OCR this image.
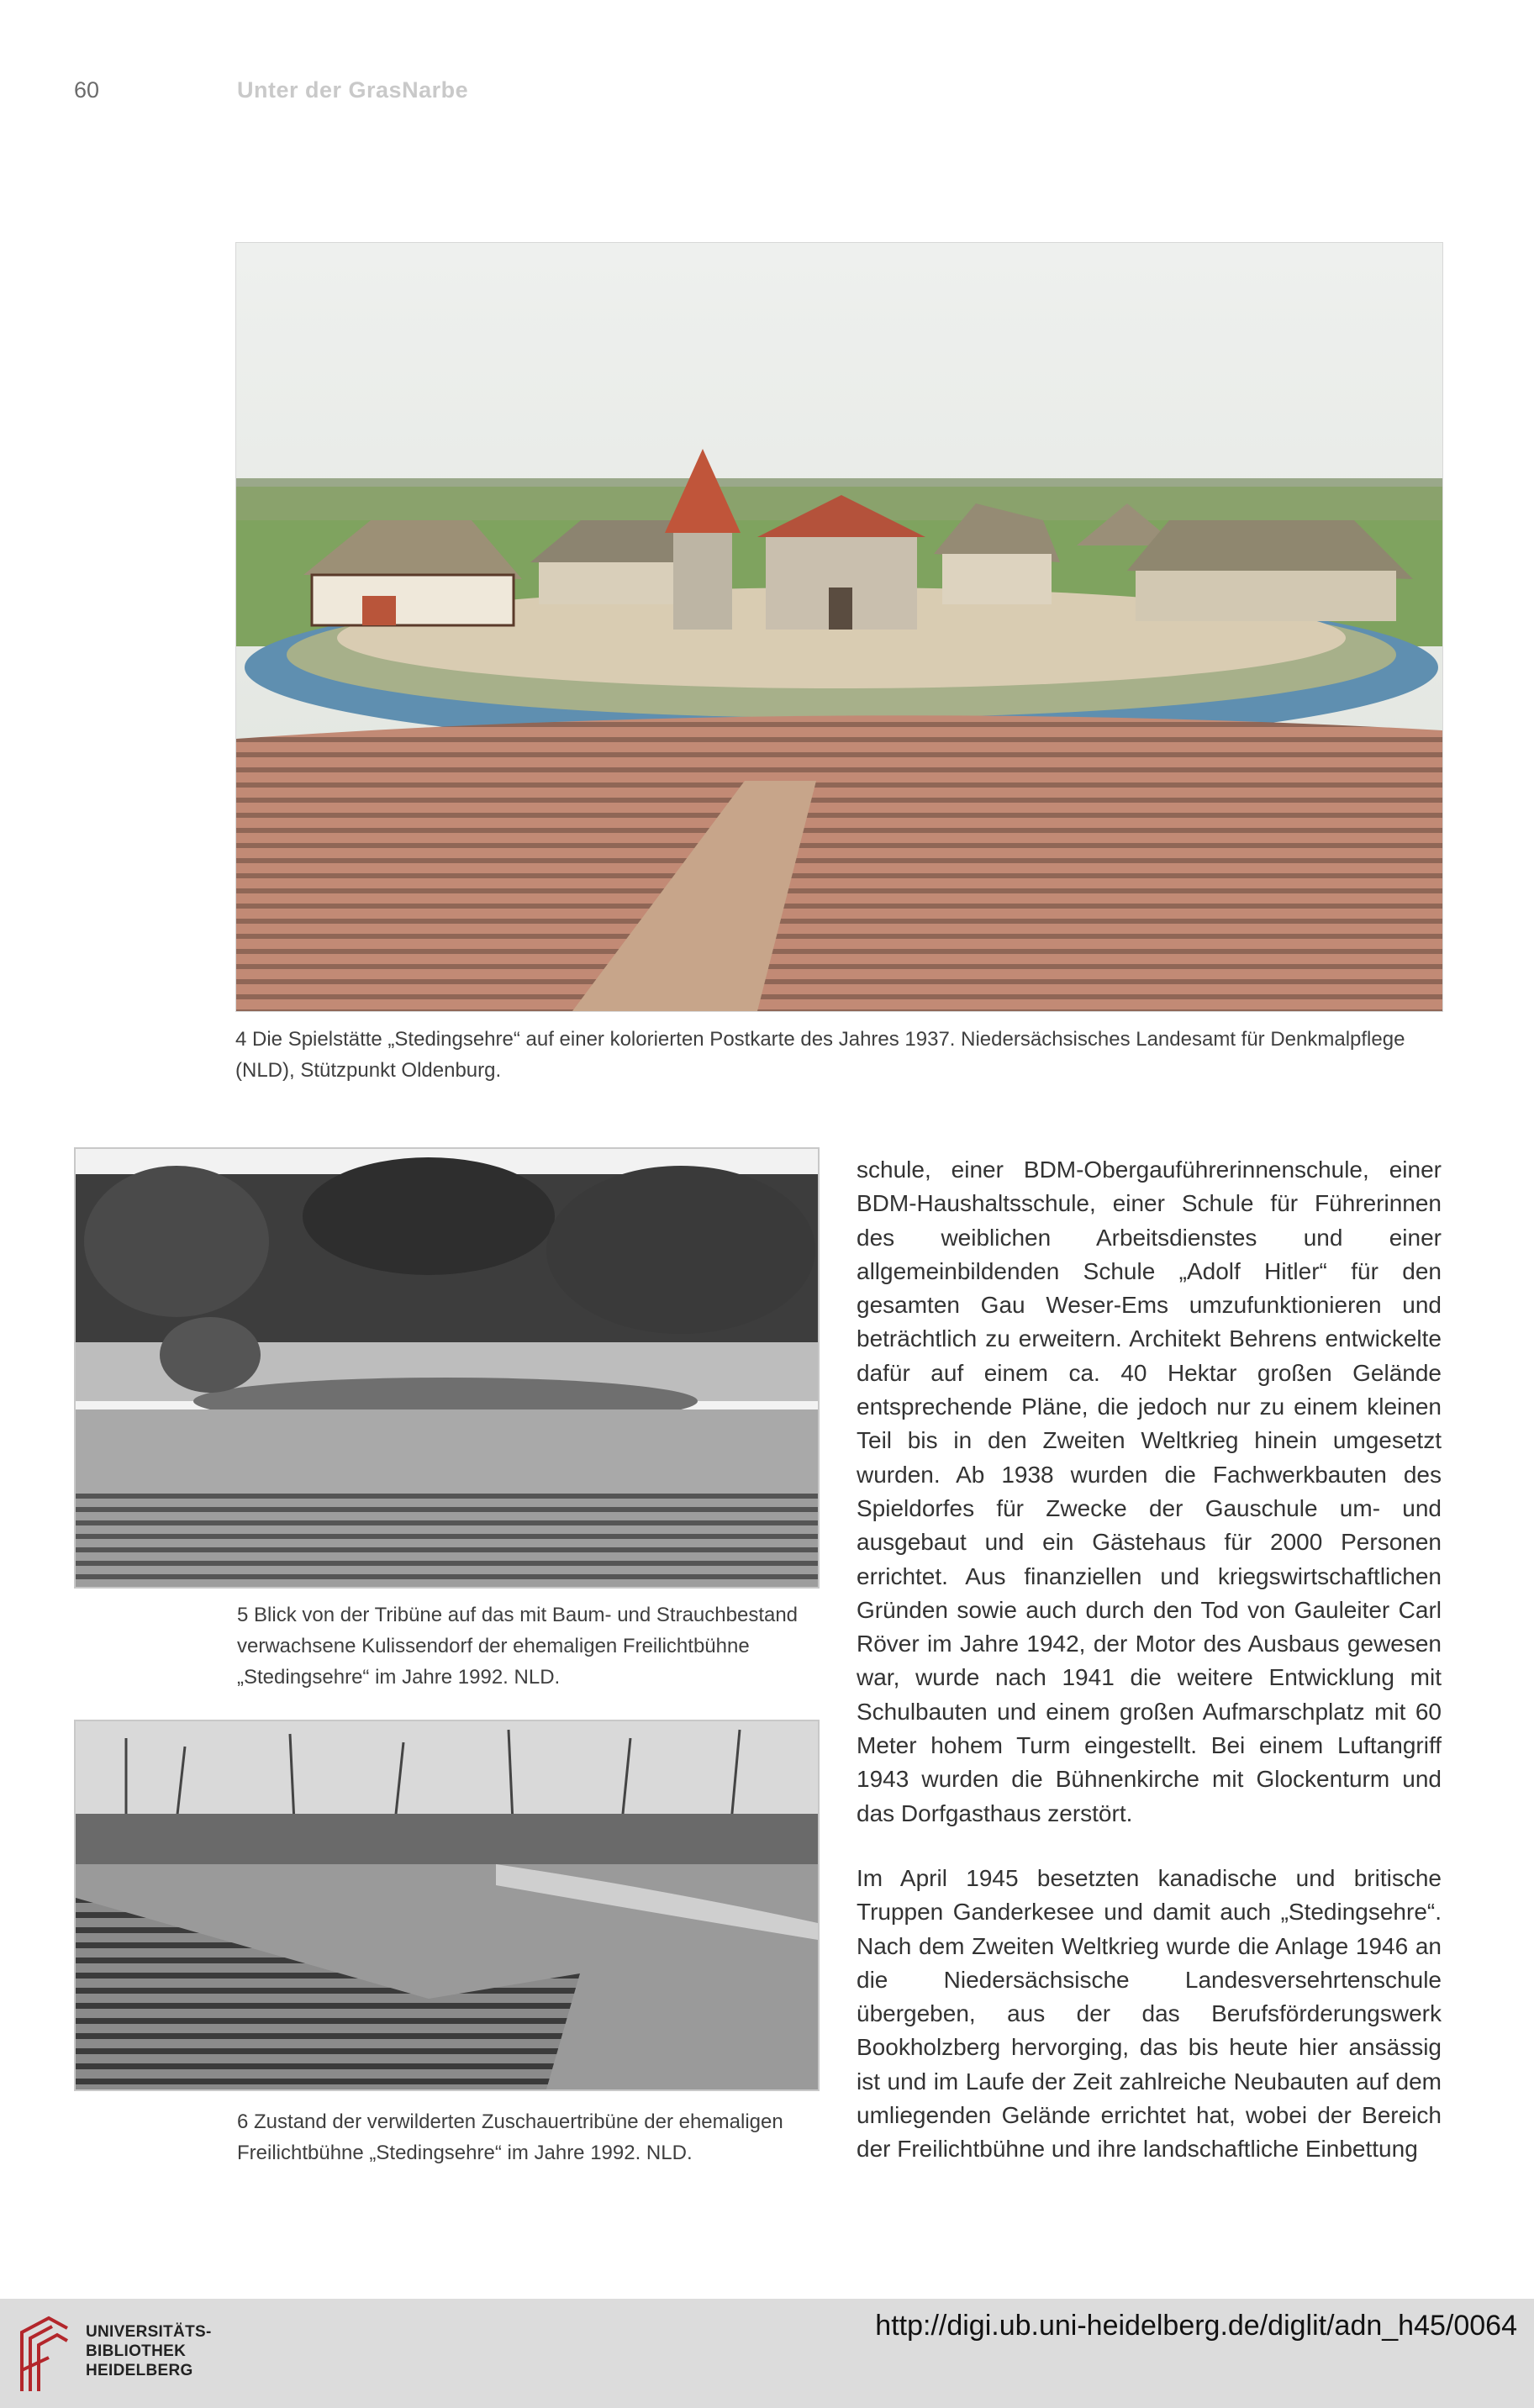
60	Unter der GrasNarbe
4 Die Spielstätte „Stedingsehre“ auf einer kolorierten Postkarte des Jahres 1937. Niedersächsisches Landesamt für Denkmalpflege (NLD), Stützpunkt Oldenburg.
5 Blick von der Tribüne auf das mit Baum- und Strauchbestand verwachsene Kulissendorf der ehemaligen Freilichtbühne „Stedingsehre“ im Jahre 1992. NLD.
6 Zustand der verwilderten Zuschauertribüne der ehemaligen Freilichtbühne „Stedingsehre“ im Jahre 1992. NLD.

schule, einer BDM-Obergauführerinnenschule, einer BDM-Haushaltsschule, einer Schule für Führerinnen des weiblichen Arbeitsdienstes und einer allgemeinbildenden Schule „Adolf Hitler“ für den gesamten Gau Weser-Ems umzufunktionieren und beträchtlich zu erweitern. Architekt Behrens entwickelte dafür auf einem ca. 40 Hektar großen Gelände entsprechende Pläne, die jedoch nur zu einem kleinen Teil bis in den Zweiten Weltkrieg hinein umgesetzt wurden. Ab 1938 wurden die Fachwerkbauten des Spieldorfes für Zwecke der Gauschule um- und ausgebaut und ein Gästehaus für 2000 Personen errichtet. Aus finanziellen und kriegswirtschaftlichen Gründen sowie auch durch den Tod von Gauleiter Carl Röver im Jahre 1942, der Motor des Ausbaus gewesen war, wurde nach 1941 die weitere Entwicklung mit Schulbauten und einem großen Aufmarschplatz mit 60 Meter hohem Turm eingestellt. Bei einem Luftangriff 1943 wurden die Bühnenkirche mit Glockenturm und das Dorfgasthaus zerstört.

Im April 1945 besetzten kanadische und britische Truppen Ganderkesee und damit auch „Stedingsehre“. Nach dem Zweiten Weltkrieg wurde die Anlage 1946 an die Niedersächsische Landesversehrtenschule übergeben, aus der das Berufsförderungswerk Bookholzberg hervorging, das bis heute hier ansässig ist und im Laufe der Zeit zahlreiche Neubauten auf dem umliegenden Gelände errichtet hat, wobei der Bereich der Freilichtbühne und ihre landschaftliche Einbettung

UNIVERSITÄTS-
BIBLIOTHEK
HEIDELBERG
http://digi.ub.uni-heidelberg.de/diglit/adn_h45/0064
